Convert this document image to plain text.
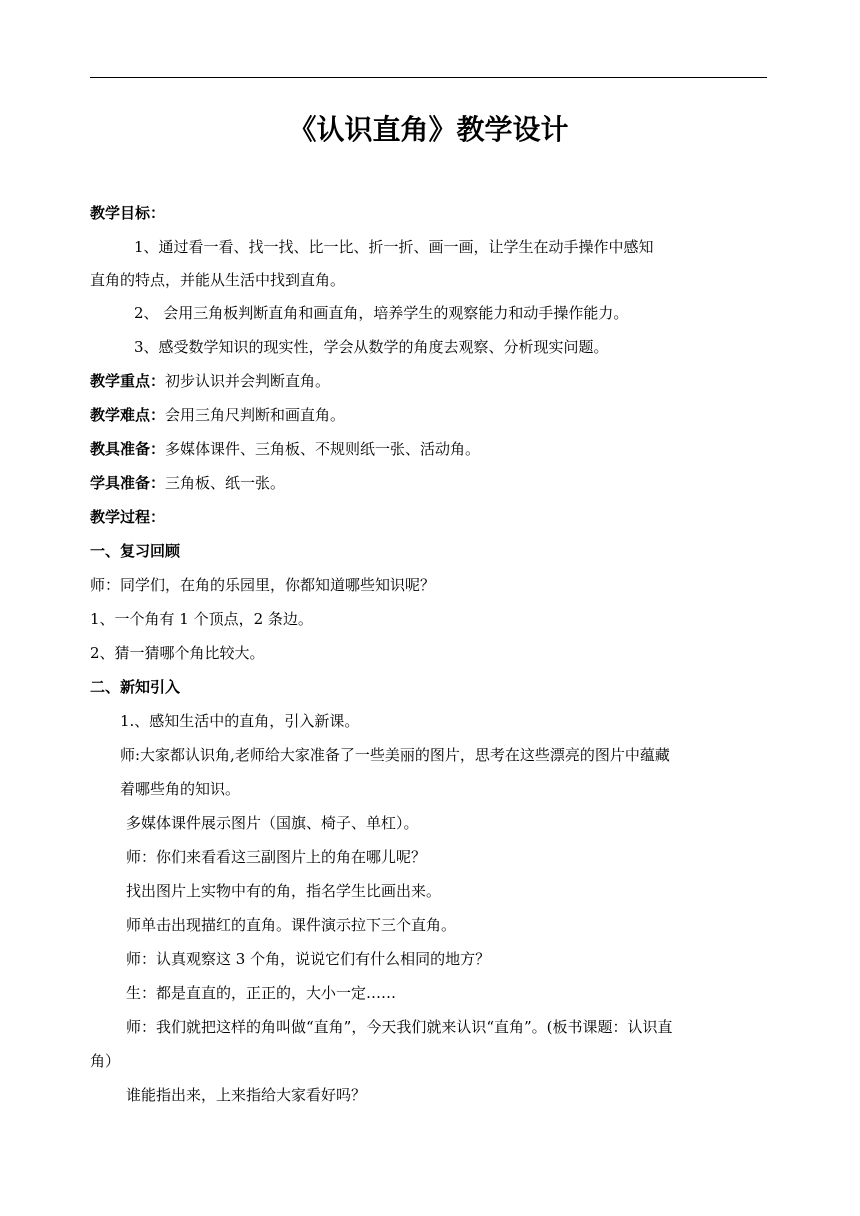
《认识直角》教学设计
教学目标：
1、通过看一看、找一找、比一比、折一折、画一画，让学生在动手操作中感知
直角的特点，并能从生活中找到直角。
2、 会用三角板判断直角和画直角，培养学生的观察能力和动手操作能力。
3、感受数学知识的现实性，学会从数学的角度去观察、分析现实问题。
教学重点：初步认识并会判断直角。
教学难点：会用三角尺判断和画直角。
教具准备：多媒体课件、三角板、不规则纸一张、活动角。
学具准备：三角板、纸一张。
教学过程：
一、复习回顾
师：同学们，在角的乐园里，你都知道哪些知识呢？
1、一个角有 1 个顶点，2 条边。
2、猜一猜哪个角比较大。
二、新知引入
1.、感知生活中的直角，引入新课。
师:大家都认识角,老师给大家准备了一些美丽的图片，思考在这些漂亮的图片中蕴藏
着哪些角的知识。
多媒体课件展示图片（国旗、椅子、单杠）。
师：你们来看看这三副图片上的角在哪儿呢？
找出图片上实物中有的角，指名学生比画出来。
师单击出现描红的直角。课件演示拉下三个直角。
师：认真观察这 3 个角，说说它们有什么相同的地方？
生：都是直直的，正正的，大小一定……
师：我们就把这样的角叫做“直角”，今天我们就来认识“直角”。(板书课题：认识直
角）
谁能指出来，上来指给大家看好吗？
